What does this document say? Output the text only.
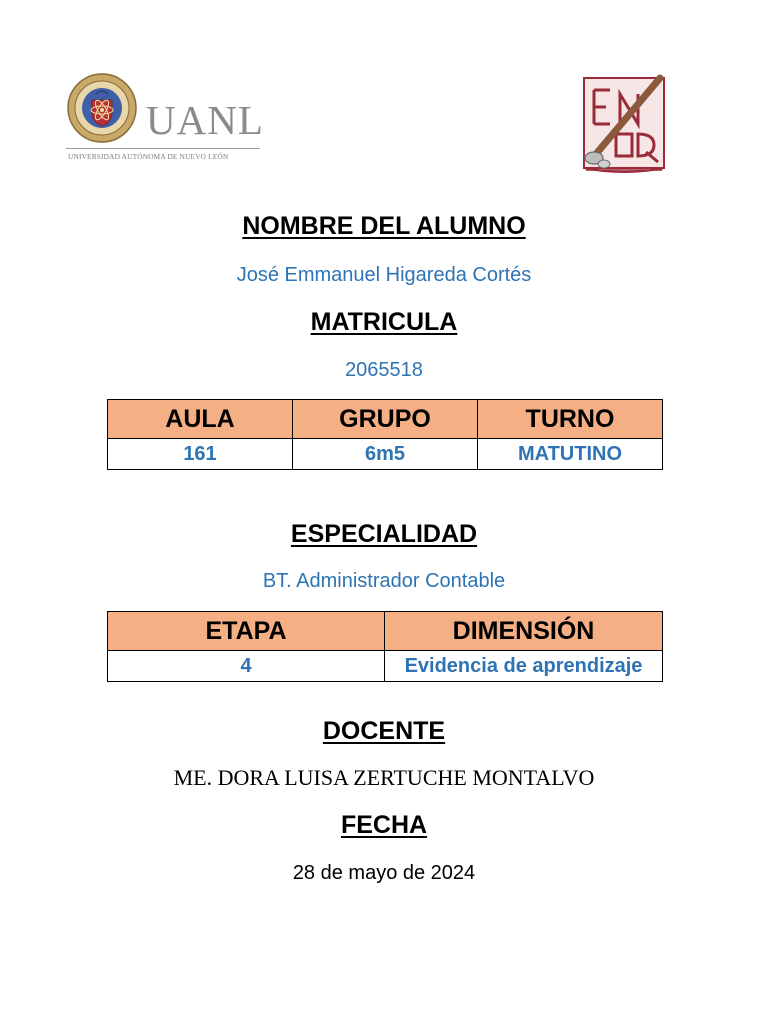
UANL
UNIVERSIDAD AUTÓNOMA DE NUEVO LEÓN
NOMBRE DEL ALUMNO
José Emmanuel Higareda Cortés
MATRICULA
2065518
AULA	GRUPO	TURNO
161	6m5	MATUTINO
ESPECIALIDAD
BT. Administrador Contable
ETAPA	DIMENSIÓN
4	Evidencia de aprendizaje
DOCENTE
ME. DORA LUISA ZERTUCHE MONTALVO
FECHA
28 de mayo de 2024
